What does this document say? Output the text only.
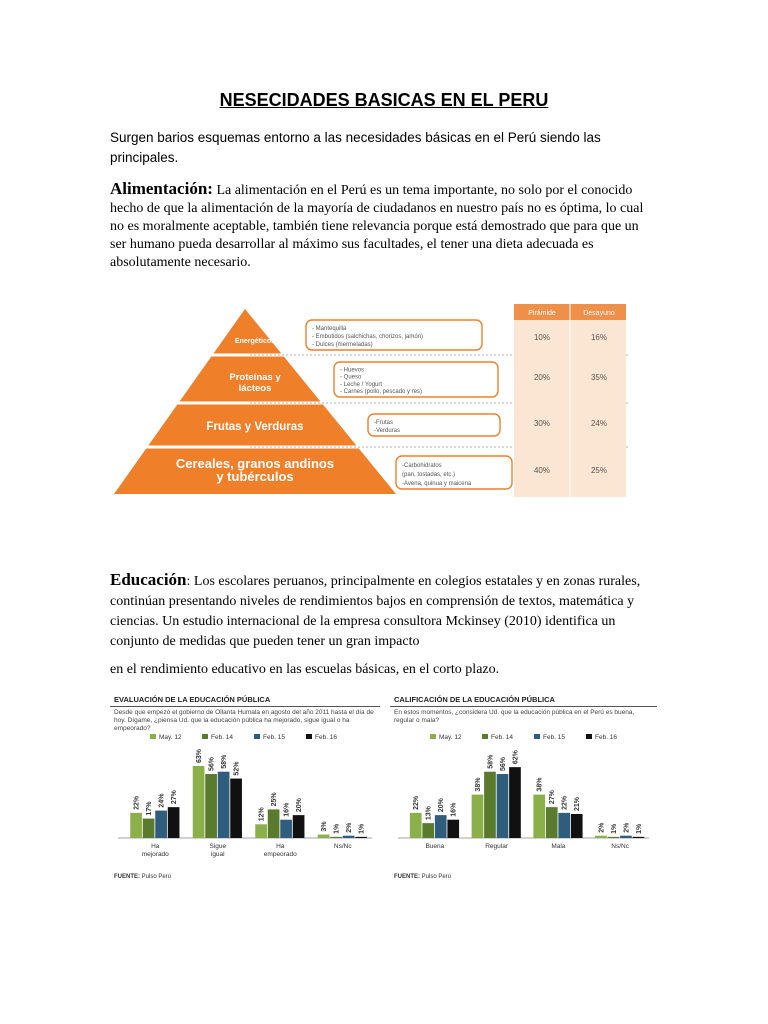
NESECIDADES BASICAS EN EL PERU
Surgen barios esquemas entorno a las necesidades básicas en el Perú siendo las principales.
Alimentación: La alimentación en el Perú es un tema importante, no solo por el conocido hecho de que la alimentación de la mayoría de ciudadanos en nuestro país no es óptima, lo cual no es moralmente aceptable, también tiene relevancia porque está demostrado que para que un ser humano pueda desarrollar al máximo sus facultades, el tener una dieta adecuada es absolutamente necesario.
Pirámide	Desayuno
Energéticos
- Mantequilla
- Embutidos (salchichas, chorizos, jamón)
- Dulces (mermeladas)
10%	16%
Proteínas y
lácteos
- Huevos
- Queso
- Leche / Yogurt
- Carnes (pollo, pescado y res)
20%	35%
Frutas y Verduras	-Frutas
-Verduras
30%	24%
Cereales, granos andinos
y tubérculos
-Carbohidratos
(pan, tostadas, etc.)
-Avena, quinua y maicena
40%	25%
Educación: Los escolares peruanos, principalmente en colegios estatales y en zonas rurales, continúan presentando niveles de rendimientos bajos en comprensión de textos, matemática y ciencias. Un estudio internacional de la empresa consultora Mckinsey (2010) identifica un conjunto de medidas que pueden tener un gran impacto
en el rendimiento educativo en las escuelas básicas, en el corto plazo.
EVALUACIÓN DE LA EDUCACIÓN PÚBLICA
Desde que empezó el gobierno de Ollanta Humala en agosto del año 2011 hasta el día de hoy. Dígame, ¿piensa Ud. que la educación pública ha mejorado, sigue igual o ha empeorado?
May. 12	Feb. 14	Feb. 15	Feb. 16
22% 17%
24% 27%
Ha
mejorado
63%
56% 58% 52%
Sigue
igual
12%
25%
16% 20%
Ha
empeorado
3% 1% 2% 1%
Ns/Nc
FUENTE: Pulso Perú
CALIFICACIÓN DE LA EDUCACIÓN PÚBLICA
En estos momentos, ¿considera Ud. que la educación pública en el Perú es buena, regular o mala?
May. 12	Feb. 14	Feb. 15	Feb. 16
22%
13%
20% 16%
Buena
38%
58% 56% 62%
Regular
38%
27% 22% 21%
Mala
2% 1% 2% 1%
Ns/Nc
FUENTE: Pulso Perú
